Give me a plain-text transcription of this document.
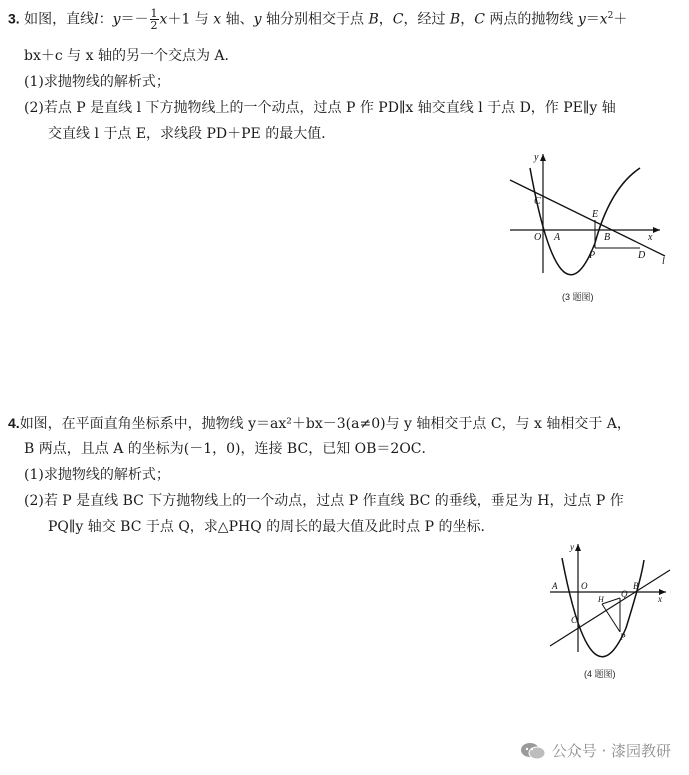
3. 如图，直线l：$y=- \frac{1}{2} x+1$ 与 x 轴、y 轴分别相交于点 B，C，经过 B，C 两点的抛物线 $y=x^2+$
bx＋c 与 x 轴的另一个交点为 A．
(1)求抛物线的解析式；
(2)若点 P 是直线 l 下方抛物线上的一个动点，过点 P 作 PD∥x 轴交直线 l 于点 D，作 PE∥y 轴
交直线 l 于点 E，求线段 PD＋PE 的最大值．
y
x
C
O A
E
B
P	D
l
(3 题图)
4.如图，在平面直角坐标系中，抛物线 y＝ax²＋bx－3(a≠0)与 y 轴相交于点 C，与 x 轴相交于 A，
B 两点，且点 A 的坐标为(－1，0)，连接 BC，已知 OB＝2OC．
(1)求抛物线的解析式；
(2)若 P 是直线 BC 下方抛物线上的一个动点，过点 P 作直线 BC 的垂线，垂足为 H，过点 P 作
PQ∥y 轴交 BC 于点 Q，求△PHQ 的周长的最大值及此时点 P 的坐标．
y
x
A	O
H
Q
B
C
P
(4 题图)
公众号 · 漆园教研
